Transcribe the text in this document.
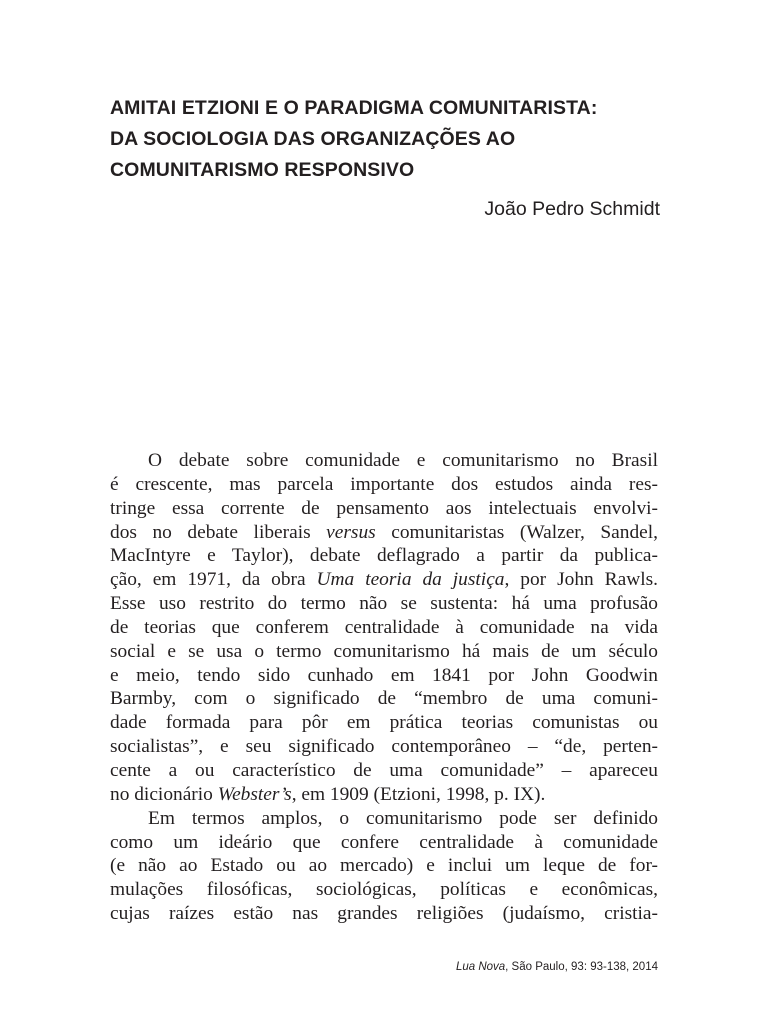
AMITAI ETZIONI E O PARADIGMA COMUNITARISTA:
DA SOCIOLOGIA DAS ORGANIZAÇÕES AO
COMUNITARISMO RESPONSIVO

João Pedro Schmidt

O debate sobre comunidade e comunitarismo no Brasil
é crescente, mas parcela importante dos estudos ainda res-
tringe essa corrente de pensamento aos intelectuais envolvi-
dos no debate liberais versus comunitaristas (Walzer, Sandel,
MacIntyre e Taylor), debate deflagrado a partir da publica-
ção, em 1971, da obra Uma teoria da justiça, por John Rawls.
Esse uso restrito do termo não se sustenta: há uma profusão
de teorias que conferem centralidade à comunidade na vida
social e se usa o termo comunitarismo há mais de um século
e meio, tendo sido cunhado em 1841 por John Goodwin
Barmby, com o significado de “membro de uma comuni-
dade formada para pôr em prática teorias comunistas ou
socialistas”, e seu significado contemporâneo – “de, perten-
cente a ou característico de uma comunidade” – apareceu
no dicionário Webster’s, em 1909 (Etzioni, 1998, p. IX).
Em termos amplos, o comunitarismo pode ser definido
como um ideário que confere centralidade à comunidade
(e não ao Estado ou ao mercado) e inclui um leque de for-
mulações filosóficas, sociológicas, políticas e econômicas,
cujas raízes estão nas grandes religiões (judaísmo, cristia-
Lua Nova, São Paulo, 93: 93-138, 2014
